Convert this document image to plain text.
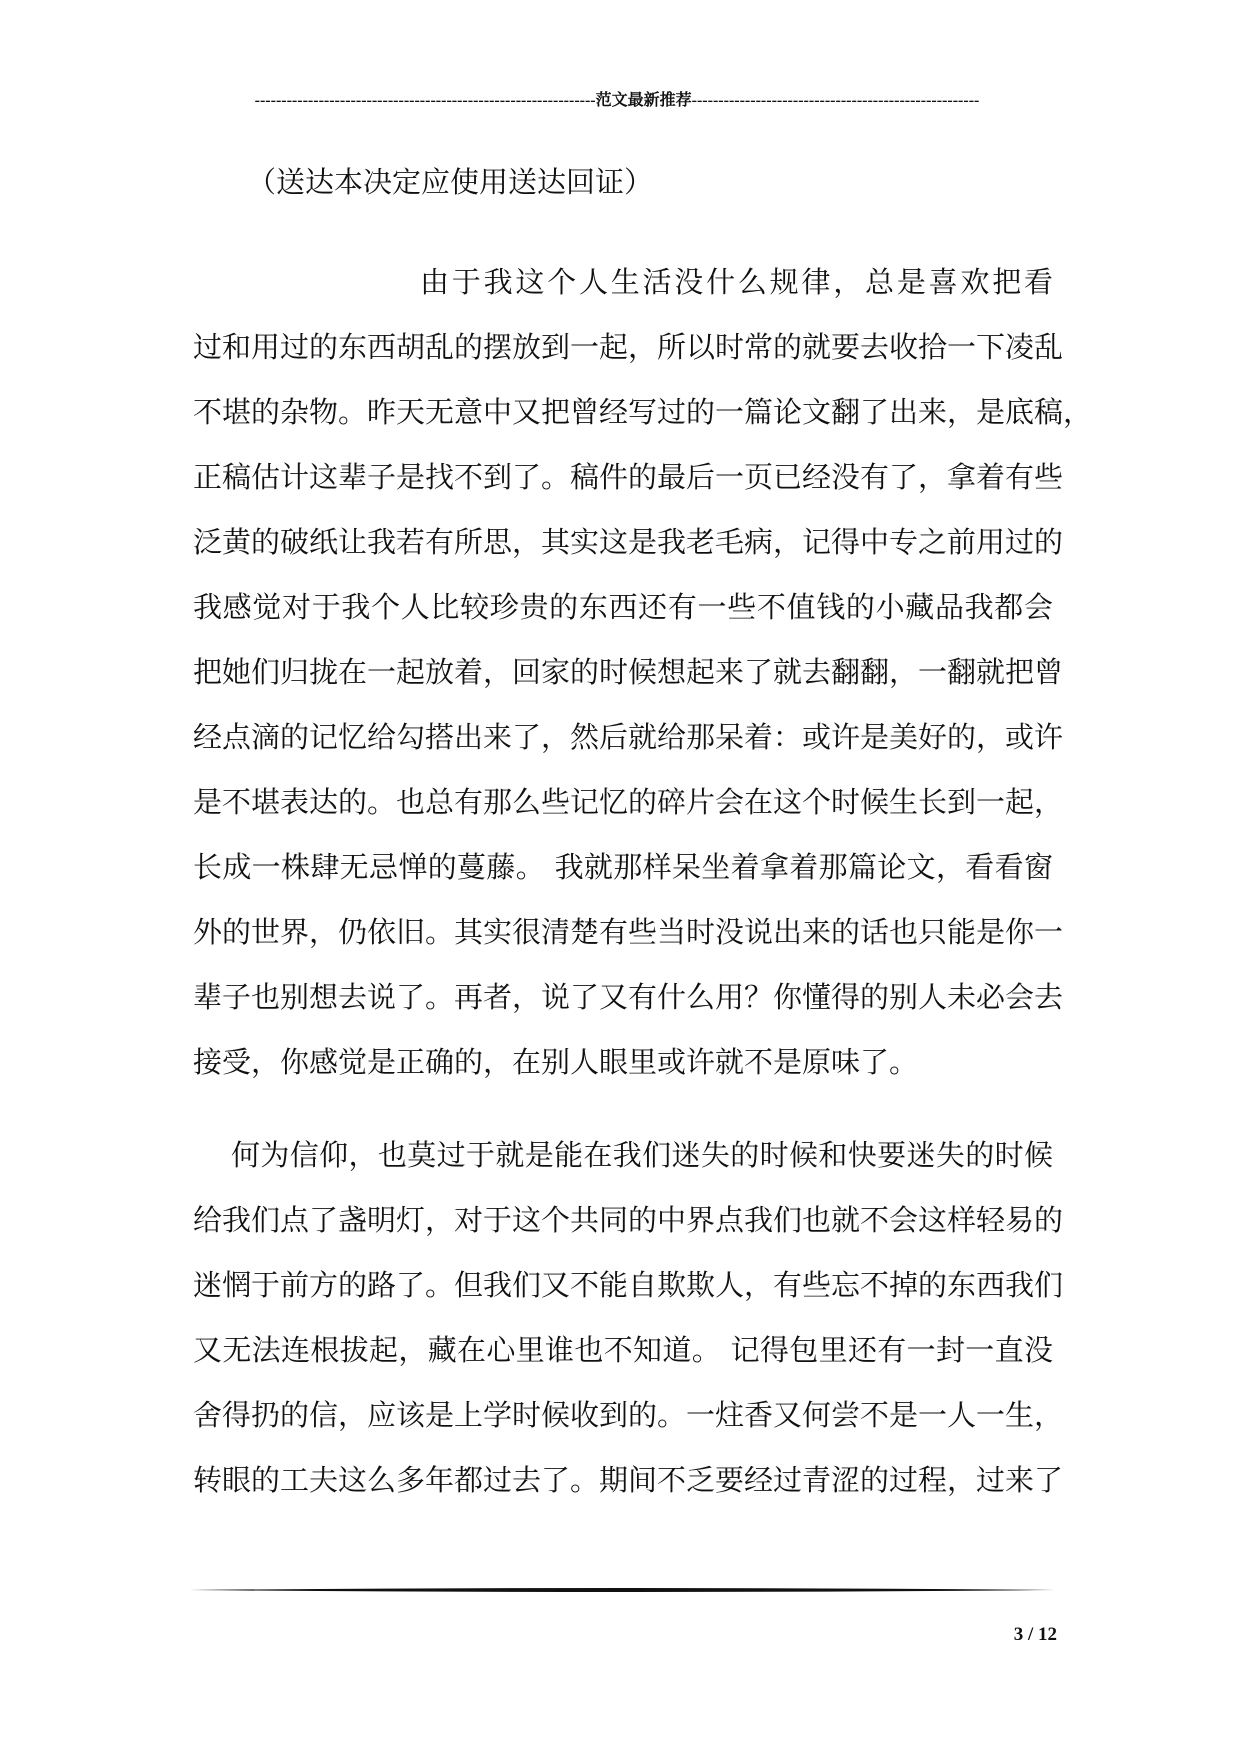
----------------------------------------------------------------范文最新推荐------------------------------------------------------
（送达本决定应使用送达回证）
由于我这个人生活没什么规律，总是喜欢把看
过和用过的东西胡乱的摆放到一起，所以时常的就要去收拾一下凌乱
不堪的杂物。昨天无意中又把曾经写过的一篇论文翻了出来，是底稿，
正稿估计这辈子是找不到了。稿件的最后一页已经没有了，拿着有些
泛黄的破纸让我若有所思，其实这是我老毛病，记得中专之前用过的
我感觉对于我个人比较珍贵的东西还有一些不值钱的小藏品我都会
把她们归拢在一起放着，回家的时候想起来了就去翻翻，一翻就把曾
经点滴的记忆给勾搭出来了，然后就给那呆着：或许是美好的，或许
是不堪表达的。也总有那么些记忆的碎片会在这个时候生长到一起，
长成一株肆无忌惮的蔓藤。 我就那样呆坐着拿着那篇论文，看看窗
外的世界，仍依旧。其实很清楚有些当时没说出来的话也只能是你一
辈子也别想去说了。再者，说了又有什么用？你懂得的别人未必会去
接受，你感觉是正确的，在别人眼里或许就不是原味了。
何为信仰，也莫过于就是能在我们迷失的时候和快要迷失的时候
给我们点了盏明灯，对于这个共同的中界点我们也就不会这样轻易的
迷惘于前方的路了。但我们又不能自欺欺人，有些忘不掉的东西我们
又无法连根拔起，藏在心里谁也不知道。 记得包里还有一封一直没
舍得扔的信，应该是上学时候收到的。一炷香又何尝不是一人一生，
转眼的工夫这么多年都过去了。期间不乏要经过青涩的过程，过来了
3 / 12
